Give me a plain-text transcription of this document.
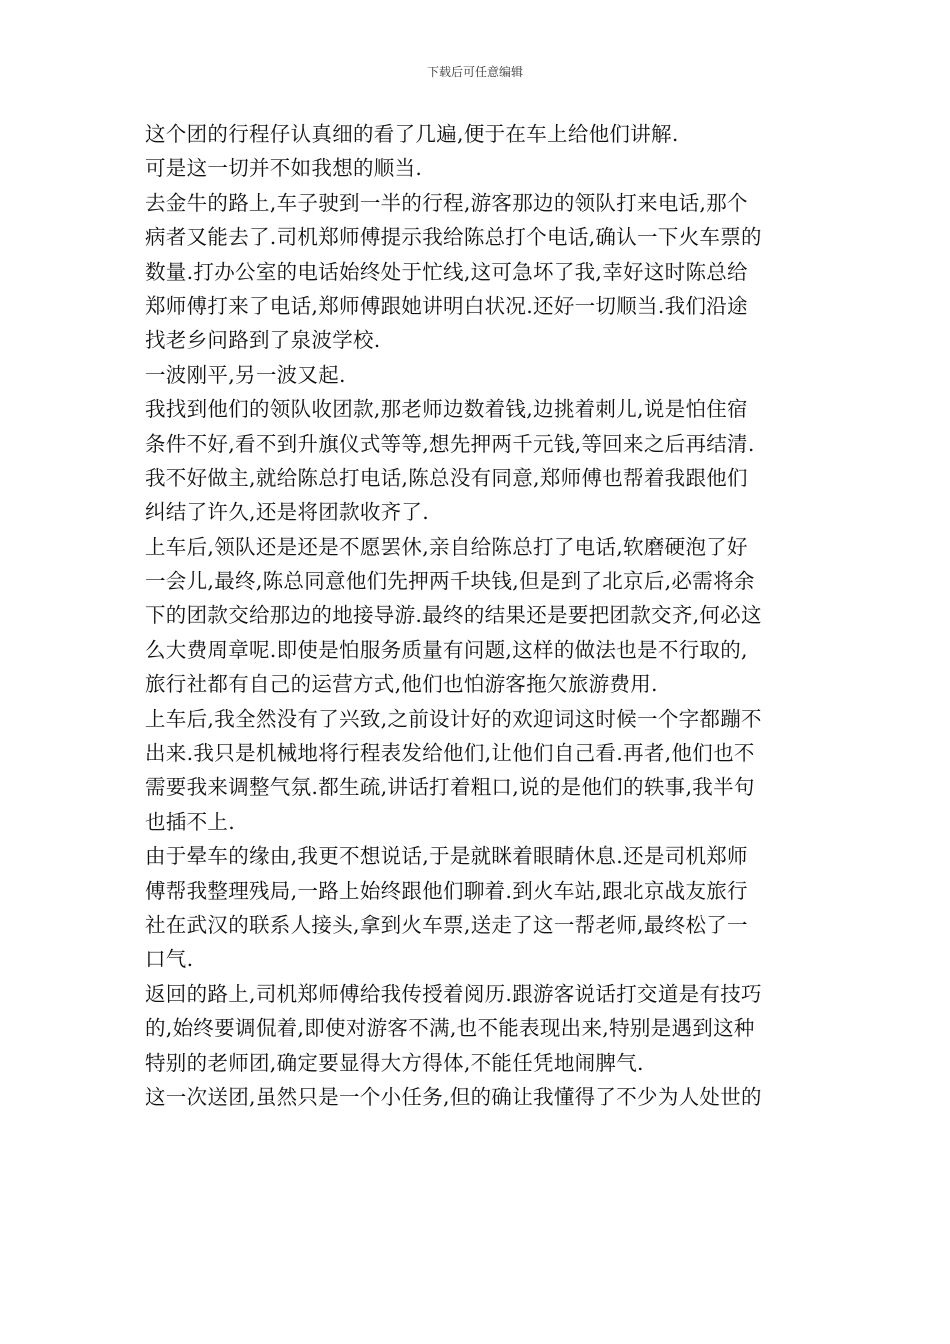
下载后可任意编辑
这个团的行程仔认真细的看了几遍,便于在车上给他们讲解.
可是这一切并不如我想的顺当.
去金牛的路上,车子驶到一半的行程,游客那边的领队打来电话,那个
病者又能去了.司机郑师傅提示我给陈总打个电话,确认一下火车票的
数量.打办公室的电话始终处于忙线,这可急坏了我,幸好这时陈总给
郑师傅打来了电话,郑师傅跟她讲明白状况.还好一切顺当.我们沿途
找老乡问路到了泉波学校.
一波刚平,另一波又起.
我找到他们的领队收团款,那老师边数着钱,边挑着刺儿,说是怕住宿
条件不好,看不到升旗仪式等等,想先押两千元钱,等回来之后再结清.
我不好做主,就给陈总打电话,陈总没有同意,郑师傅也帮着我跟他们
纠结了许久,还是将团款收齐了.
上车后,领队还是还是不愿罢休,亲自给陈总打了电话,软磨硬泡了好
一会儿,最终,陈总同意他们先押两千块钱,但是到了北京后,必需将余
下的团款交给那边的地接导游.最终的结果还是要把团款交齐,何必这
么大费周章呢.即使是怕服务质量有问题,这样的做法也是不行取的,
旅行社都有自己的运营方式,他们也怕游客拖欠旅游费用.
上车后,我全然没有了兴致,之前设计好的欢迎词这时候一个字都蹦不
出来.我只是机械地将行程表发给他们,让他们自己看.再者,他们也不
需要我来调整气氛.都生疏,讲话打着粗口,说的是他们的轶事,我半句
也插不上.
由于晕车的缘由,我更不想说话,于是就眯着眼睛休息.还是司机郑师
傅帮我整理残局,一路上始终跟他们聊着.到火车站,跟北京战友旅行
社在武汉的联系人接头,拿到火车票,送走了这一帮老师,最终松了一
口气.
返回的路上,司机郑师傅给我传授着阅历.跟游客说话打交道是有技巧
的,始终要调侃着,即使对游客不满,也不能表现出来,特别是遇到这种
特别的老师团,确定要显得大方得体,不能任凭地闹脾气.
这一次送团,虽然只是一个小任务,但的确让我懂得了不少为人处世的
